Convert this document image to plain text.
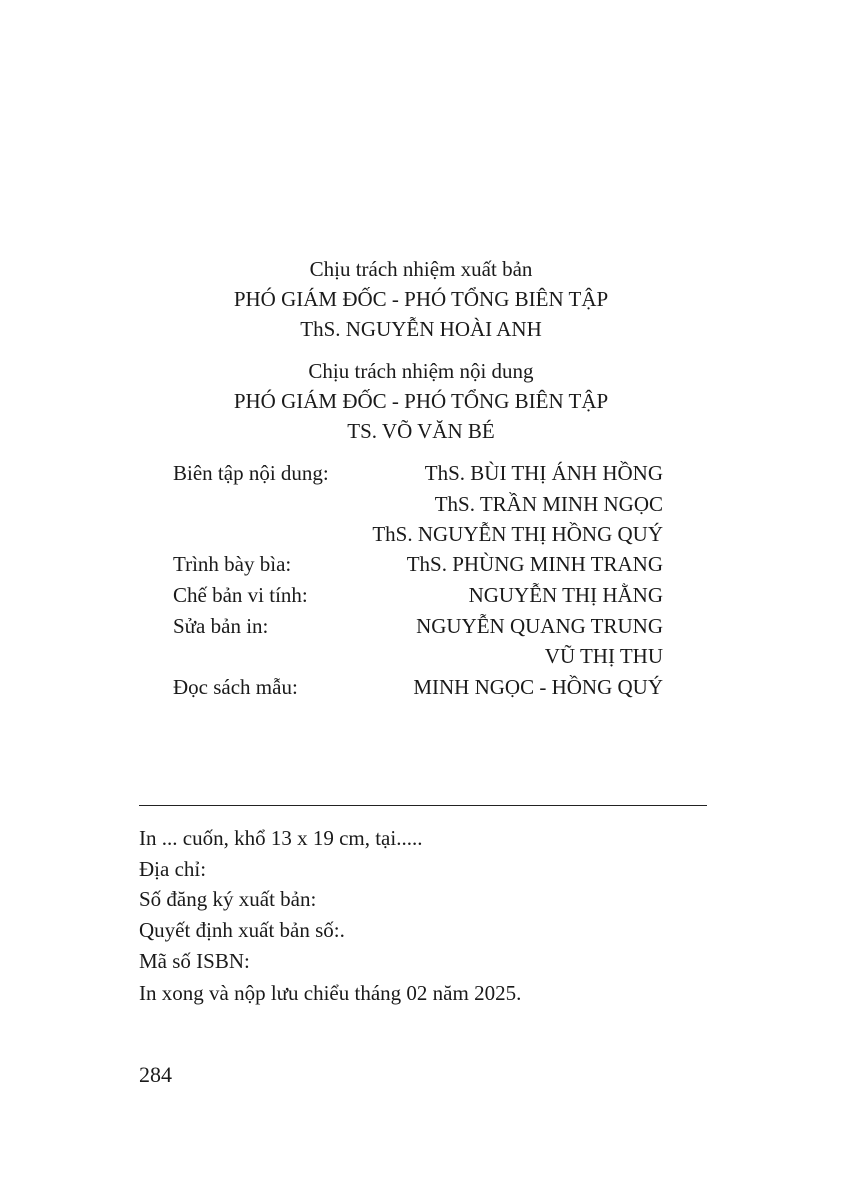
Chịu trách nhiệm xuất bản
PHÓ GIÁM ĐỐC - PHÓ TỔNG BIÊN TẬP
ThS. NGUYỄN HOÀI ANH
Chịu trách nhiệm nội dung
PHÓ GIÁM ĐỐC - PHÓ TỔNG BIÊN TẬP
TS. VÕ VĂN BÉ
Biên tập nội dung:	ThS. BÙI THỊ ÁNH HỒNG
ThS. TRẦN MINH NGỌC
ThS. NGUYỄN THỊ HỒNG QUÝ
Trình bày bìa:	ThS. PHÙNG MINH TRANG
Chế bản vi tính:	NGUYỄN THỊ HẰNG
Sửa bản in:	NGUYỄN QUANG TRUNG
VŨ THỊ THU
Đọc sách mẫu:	MINH NGỌC - HỒNG QUÝ
In ... cuốn, khổ 13 x 19 cm, tại.....
Địa chỉ:
Số đăng ký xuất bản:
Quyết định xuất bản số:.
Mã số ISBN:
In xong và nộp lưu chiểu tháng 02 năm 2025.
284
